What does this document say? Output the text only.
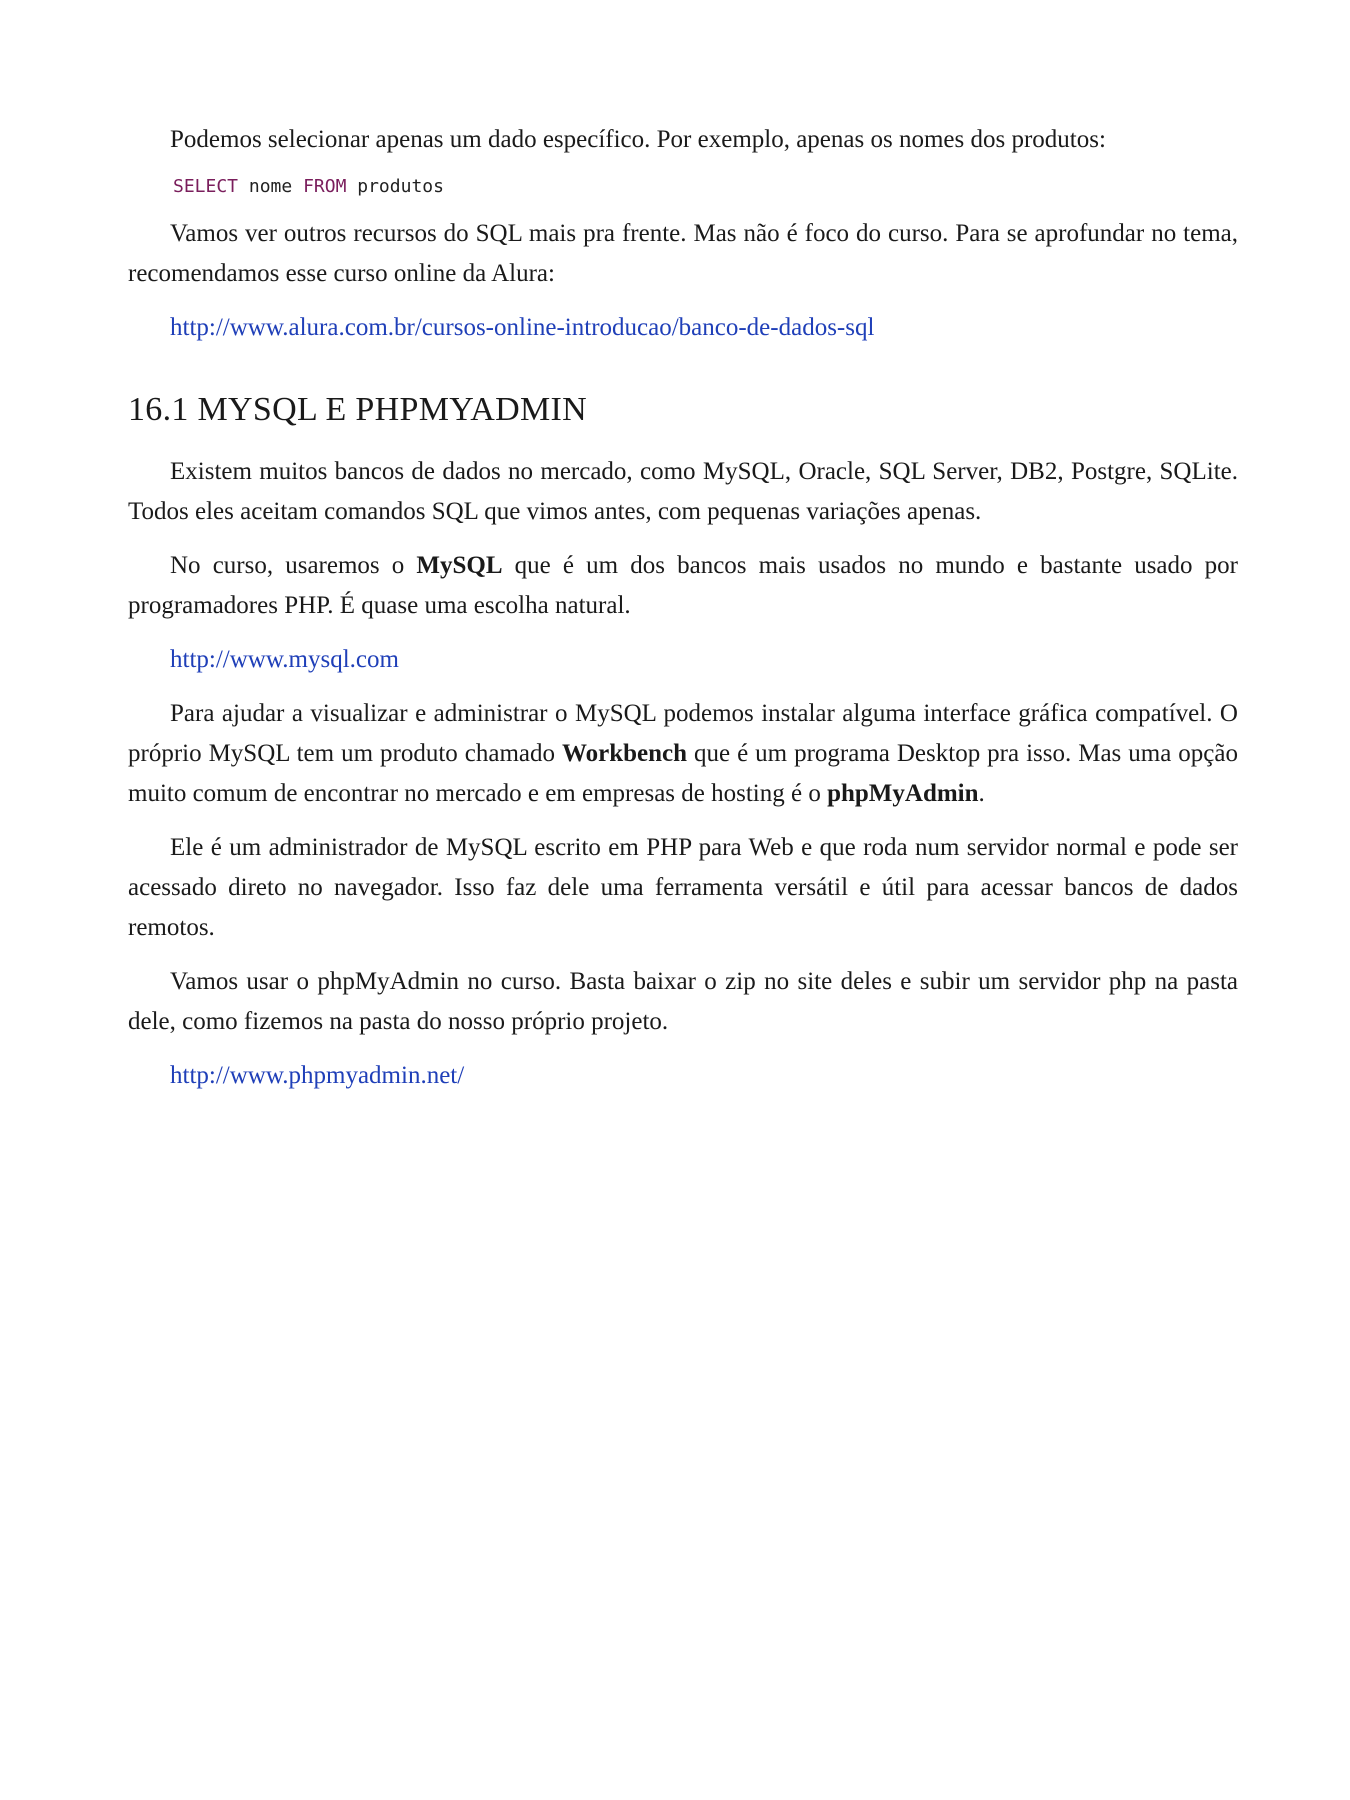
Podemos selecionar apenas um dado específico. Por exemplo, apenas os nomes dos produtos:

SELECT nome FROM produtos

Vamos ver outros recursos do SQL mais pra frente. Mas não é foco do curso. Para se aprofundar no tema, recomendamos esse curso online da Alura:

http://www.alura.com.br/cursos-online-introducao/banco-de-dados-sql

16.1 MYSQL E PHPMYADMIN

Existem muitos bancos de dados no mercado, como MySQL, Oracle, SQL Server, DB2, Postgre, SQLite. Todos eles aceitam comandos SQL que vimos antes, com pequenas variações apenas.

No curso, usaremos o MySQL que é um dos bancos mais usados no mundo e bastante usado por programadores PHP. É quase uma escolha natural.

http://www.mysql.com

Para ajudar a visualizar e administrar o MySQL podemos instalar alguma interface gráfica compatível. O próprio MySQL tem um produto chamado Workbench que é um programa Desktop pra isso. Mas uma opção muito comum de encontrar no mercado e em empresas de hosting é o phpMyAdmin.

Ele é um administrador de MySQL escrito em PHP para Web e que roda num servidor normal e pode ser acessado direto no navegador. Isso faz dele uma ferramenta versátil e útil para acessar bancos de dados remotos.

Vamos usar o phpMyAdmin no curso. Basta baixar o zip no site deles e subir um servidor php na pasta dele, como fizemos na pasta do nosso próprio projeto.

http://www.phpmyadmin.net/
